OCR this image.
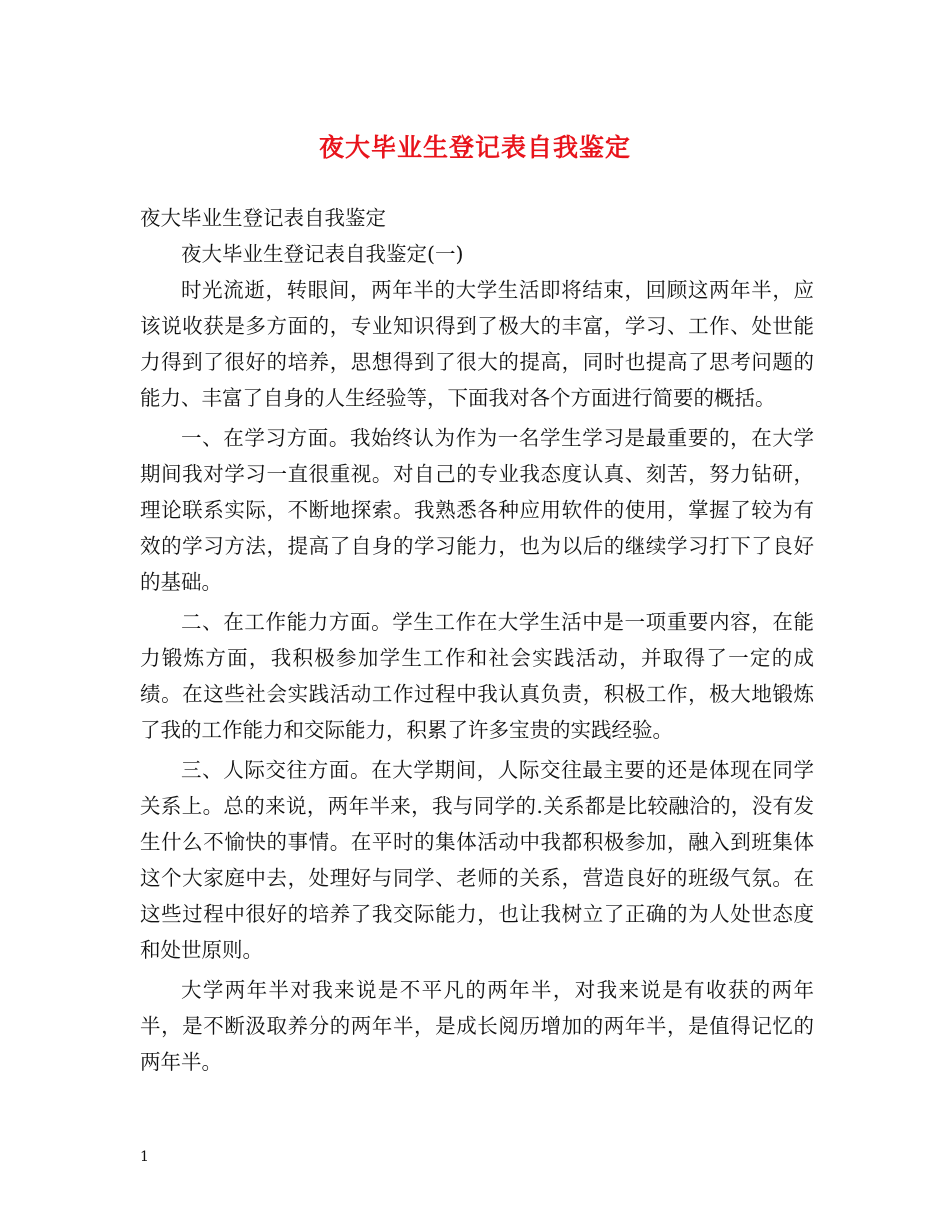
夜大毕业生登记表自我鉴定

夜大毕业生登记表自我鉴定

夜大毕业生登记表自我鉴定(一)

时光流逝，转眼间，两年半的大学生活即将结束，回顾这两年半，应该说收获是多方面的，专业知识得到了极大的丰富，学习、工作、处世能力得到了很好的培养，思想得到了很大的提高，同时也提高了思考问题的能力、丰富了自身的人生经验等，下面我对各个方面进行简要的概括。

一、在学习方面。我始终认为作为一名学生学习是最重要的，在大学期间我对学习一直很重视。对自己的专业我态度认真、刻苦，努力钻研，理论联系实际，不断地探索。我熟悉各种应用软件的使用，掌握了较为有效的学习方法，提高了自身的学习能力，也为以后的继续学习打下了良好的基础。

二、在工作能力方面。学生工作在大学生活中是一项重要内容，在能力锻炼方面，我积极参加学生工作和社会实践活动，并取得了一定的成绩。在这些社会实践活动工作过程中我认真负责，积极工作，极大地锻炼了我的工作能力和交际能力，积累了许多宝贵的实践经验。

三、人际交往方面。在大学期间，人际交往最主要的还是体现在同学关系上。总的来说，两年半来，我与同学的.关系都是比较融洽的，没有发生什么不愉快的事情。在平时的集体活动中我都积极参加，融入到班集体这个大家庭中去，处理好与同学、老师的关系，营造良好的班级气氛。在这些过程中很好的培养了我交际能力，也让我树立了正确的为人处世态度和处世原则。

大学两年半对我来说是不平凡的两年半，对我来说是有收获的两年半，是不断汲取养分的两年半，是成长阅历增加的两年半，是值得记忆的两年半。

1
